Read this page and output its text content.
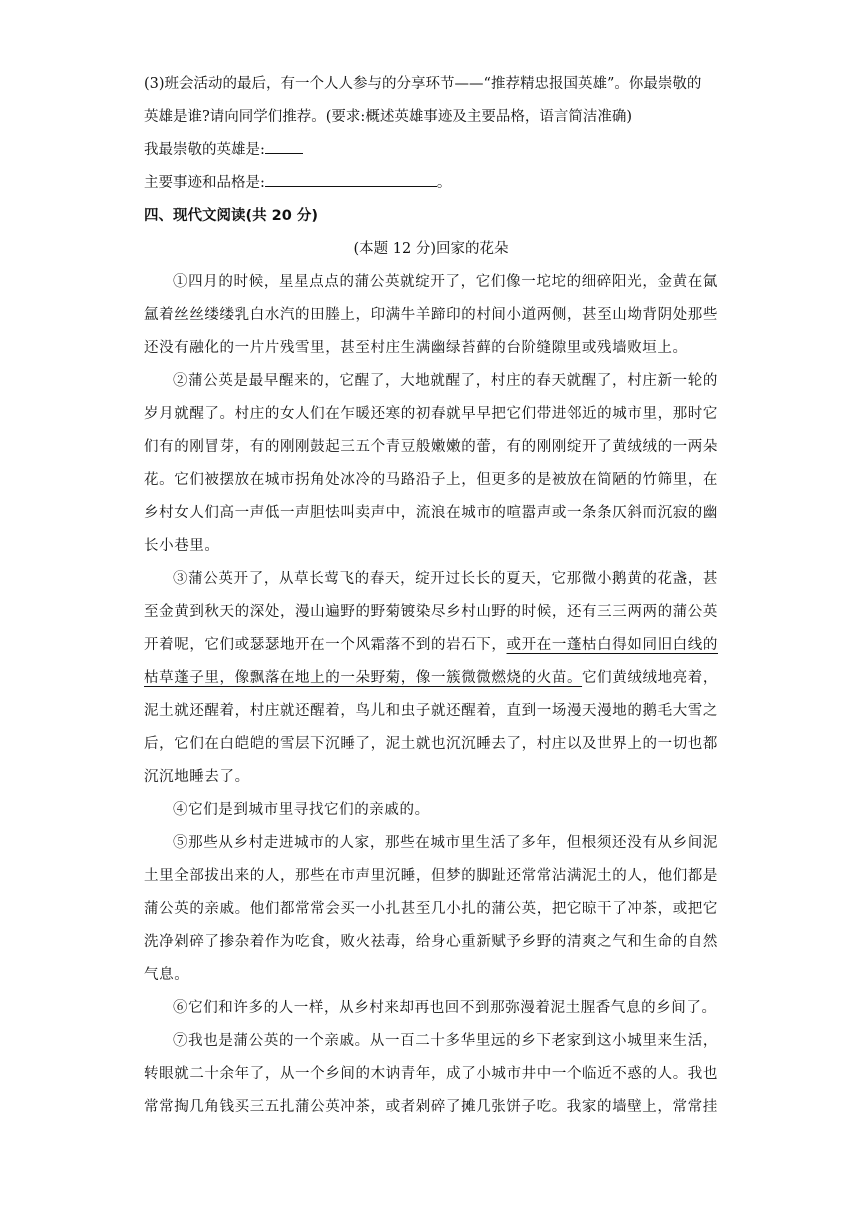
(3)班会活动的最后，有一个人人参与的分享环节——“推荐精忠报国英雄”。你最崇敬的

英雄是谁?请向同学们推荐。(要求:概述英雄事迹及主要品格，语言简洁准确)

我最崇敬的英雄是:

主要事迹和品格是:	。

四、现代文阅读(共 20 分)

(本题 12 分)回家的花朵

①四月的时候，星星点点的蒲公英就绽开了，它们像一坨坨的细碎阳光，金黄在氤氲着丝丝缕缕乳白水汽的田塍上，印满牛羊蹄印的村间小道两侧，甚至山坳背阴处那些还没有融化的一片片残雪里，甚至村庄生满幽绿苔藓的台阶缝隙里或残墙败垣上。

②蒲公英是最早醒来的，它醒了，大地就醒了，村庄的春天就醒了，村庄新一轮的岁月就醒了。村庄的女人们在乍暖还寒的初春就早早把它们带进邻近的城市里，那时它们有的刚冒芽，有的刚刚鼓起三五个青豆般嫩嫩的蕾，有的刚刚绽开了黄绒绒的一两朵花。它们被摆放在城市拐角处冰冷的马路沿子上，但更多的是被放在简陋的竹筛里，在乡村女人们高一声低一声胆怯叫卖声中，流浪在城市的喧嚣声或一条条仄斜而沉寂的幽长小巷里。

③蒲公英开了，从草长莺飞的春天，绽开过长长的夏天，它那微小鹅黄的花盏，甚至金黄到秋天的深处，漫山遍野的野菊镀染尽乡村山野的时候，还有三三两两的蒲公英开着呢，它们或瑟瑟地开在一个风霜落不到的岩石下，或开在一蓬枯白得如同旧白线的枯草蓬子里，像飘落在地上的一朵野菊，像一簇微微燃烧的火苗。它们黄绒绒地亮着，泥土就还醒着，村庄就还醒着，鸟儿和虫子就还醒着，直到一场漫天漫地的鹅毛大雪之后，它们在白皑皑的雪层下沉睡了，泥土就也沉沉睡去了，村庄以及世界上的一切也都沉沉地睡去了。

④它们是到城市里寻找它们的亲戚的。

⑤那些从乡村走进城市的人家，那些在城市里生活了多年，但根须还没有从乡间泥土里全部拔出来的人，那些在市声里沉睡，但梦的脚趾还常常沾满泥土的人，他们都是蒲公英的亲戚。他们都常常会买一小扎甚至几小扎的蒲公英，把它晾干了冲茶，或把它洗净剁碎了掺杂着作为吃食，败火祛毒，给身心重新赋予乡野的清爽之气和生命的自然气息。

⑥它们和许多的人一样，从乡村来却再也回不到那弥漫着泥土腥香气息的乡间了。

⑦我也是蒲公英的一个亲戚。从一百二十多华里远的乡下老家到这小城里来生活，转眼就二十余年了，从一个乡间的木讷青年，成了小城市井中一个临近不惑的人。我也常常掏几角钱买三五扎蒲公英冲茶，或者剁碎了摊几张饼子吃。我家的墙壁上，常常挂
